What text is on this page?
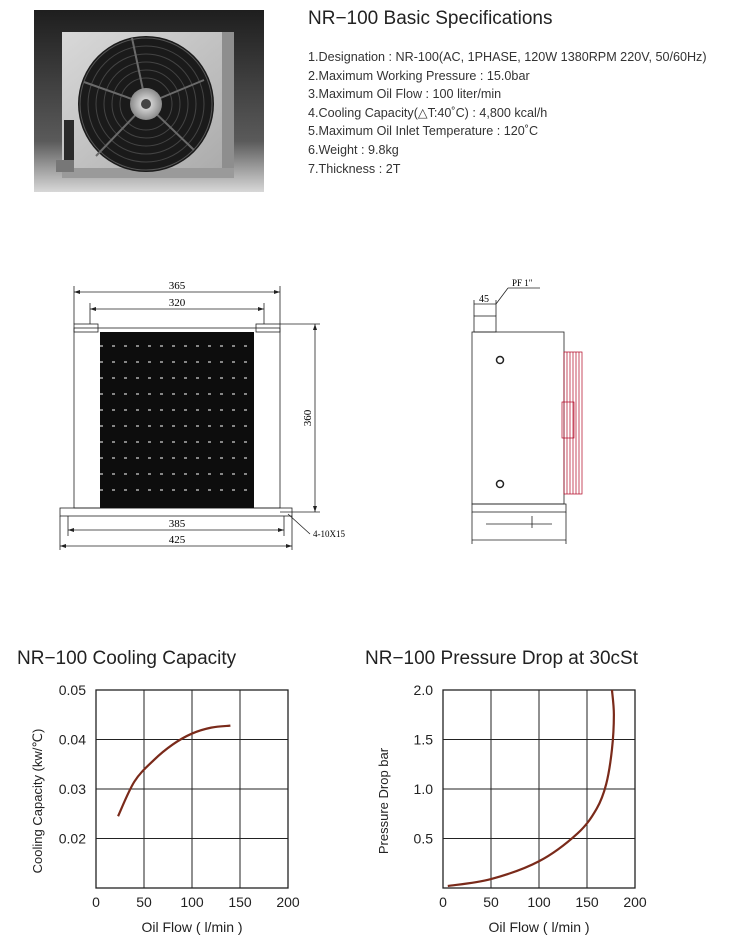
NR−100 Basic Specifications
1.Designation : NR-100(AC, 1PHASE, 120W 1380RPM 220V, 50/60Hz)
2.Maximum Working Pressure : 15.0bar
3.Maximum Oil Flow : 100 liter/min
4.Cooling Capacity(△T:40˚C) : 4,800 kcal/h
5.Maximum Oil Inlet Temperature : 120˚C
6.Weight : 9.8kg
7.Thickness : 2T
365
320
360
385
425	4-10X15
45
PF 1"
NR−100 Cooling Capacity	NR−100 Pressure Drop at 30cSt
0	50 100 150 200
0.02
0.03
0.04
0.05
Oil Flow ( l/min )
Cooling Capacity (kw/℃)
0	50 100 150 200
0.5
1.0
1.5
2.0
Oil Flow ( l/min )
Pressure Drop bar
